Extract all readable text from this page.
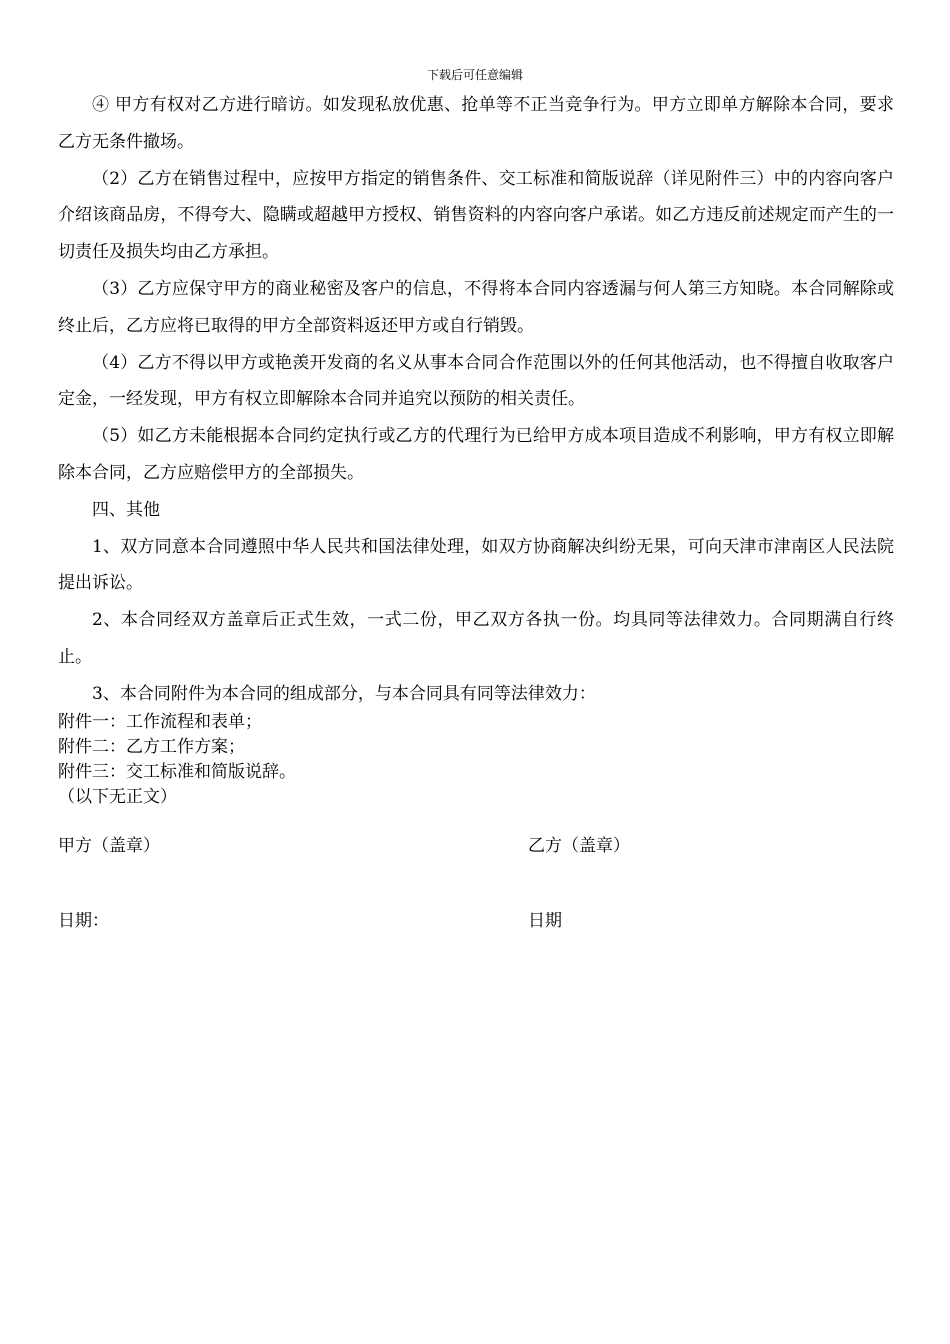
下载后可任意编辑

④ 甲方有权对乙方进行暗访。如发现私放优惠、抢单等不正当竞争行为。甲方立即单方解除本合同，要求乙方无条件撤场。

（2）乙方在销售过程中，应按甲方指定的销售条件、交工标准和简版说辞（详见附件三）中的内容向客户介绍该商品房，不得夸大、隐瞒或超越甲方授权、销售资料的内容向客户承诺。如乙方违反前述规定而产生的一切责任及损失均由乙方承担。

（3）乙方应保守甲方的商业秘密及客户的信息，不得将本合同内容透漏与何人第三方知晓。本合同解除或终止后，乙方应将已取得的甲方全部资料返还甲方或自行销毁。

（4）乙方不得以甲方或艳羡开发商的名义从事本合同合作范围以外的任何其他活动，也不得擅自收取客户定金，一经发现，甲方有权立即解除本合同并追究以预防的相关责任。

（5）如乙方未能根据本合同约定执行或乙方的代理行为已给甲方成本项目造成不利影响，甲方有权立即解除本合同，乙方应赔偿甲方的全部损失。

四、其他

1、双方同意本合同遵照中华人民共和国法律处理，如双方协商解决纠纷无果，可向天津市津南区人民法院提出诉讼。

2、本合同经双方盖章后正式生效，一式二份，甲乙双方各执一份。均具同等法律效力。合同期满自行终止。

3、本合同附件为本合同的组成部分，与本合同具有同等法律效力：

附件一：工作流程和表单；
附件二：乙方工作方案；
附件三：交工标准和简版说辞。
（以下无正文）
甲方（盖章）	乙方（盖章）
日期：	日期
